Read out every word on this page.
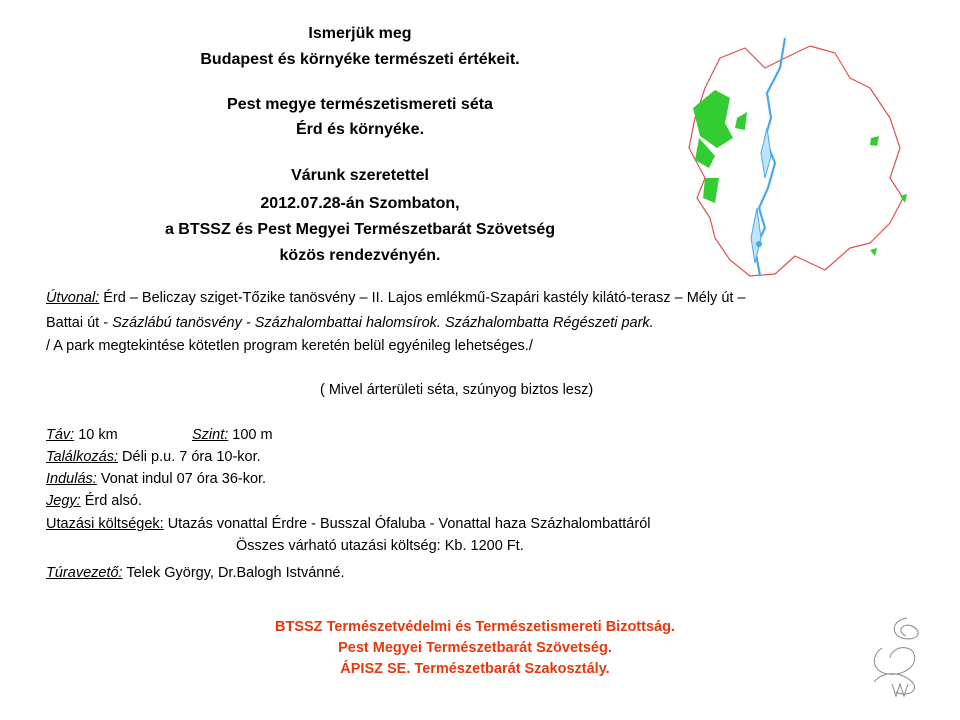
Ismerjük meg
Budapest és környéke természeti értékeit.
Pest megye természetismereti séta
Érd és környéke.
Várunk szeretettel
2012.07.28-án Szombaton,
a BTSSZ és Pest Megyei Természetbarát Szövetség
közös rendezvényén.
Útvonal: Érd – Beliczay sziget-Tőzike tanösvény – II. Lajos emlékmű-Szapári kastély kilátó-terasz – Mély út –
Battai út - Százlábú tanösvény - Százhalombattai halomsírok. Százhalombatta Régészeti park.
/ A park megtekintése kötetlen program keretén belül egyénileg lehetséges./
( Mivel árterületi séta, szúnyog biztos lesz)
Táv: 10 km	Szint: 100 m
Találkozás: Déli p.u. 7 óra 10-kor.
Indulás: Vonat indul 07 óra 36-kor.
Jegy: Érd alsó.
Utazási költségek: Utazás vonattal Érdre - Busszal Ófaluba - Vonattal haza Százhalombattáról
Összes várható utazási költség: Kb. 1200 Ft.
Túravezető: Telek György, Dr.Balogh Istvánné.
BTSSZ Természetvédelmi és Természetismereti Bizottság.
Pest Megyei Természetbarát Szövetség.
ÁPISZ SE. Természetbarát Szakosztály.
